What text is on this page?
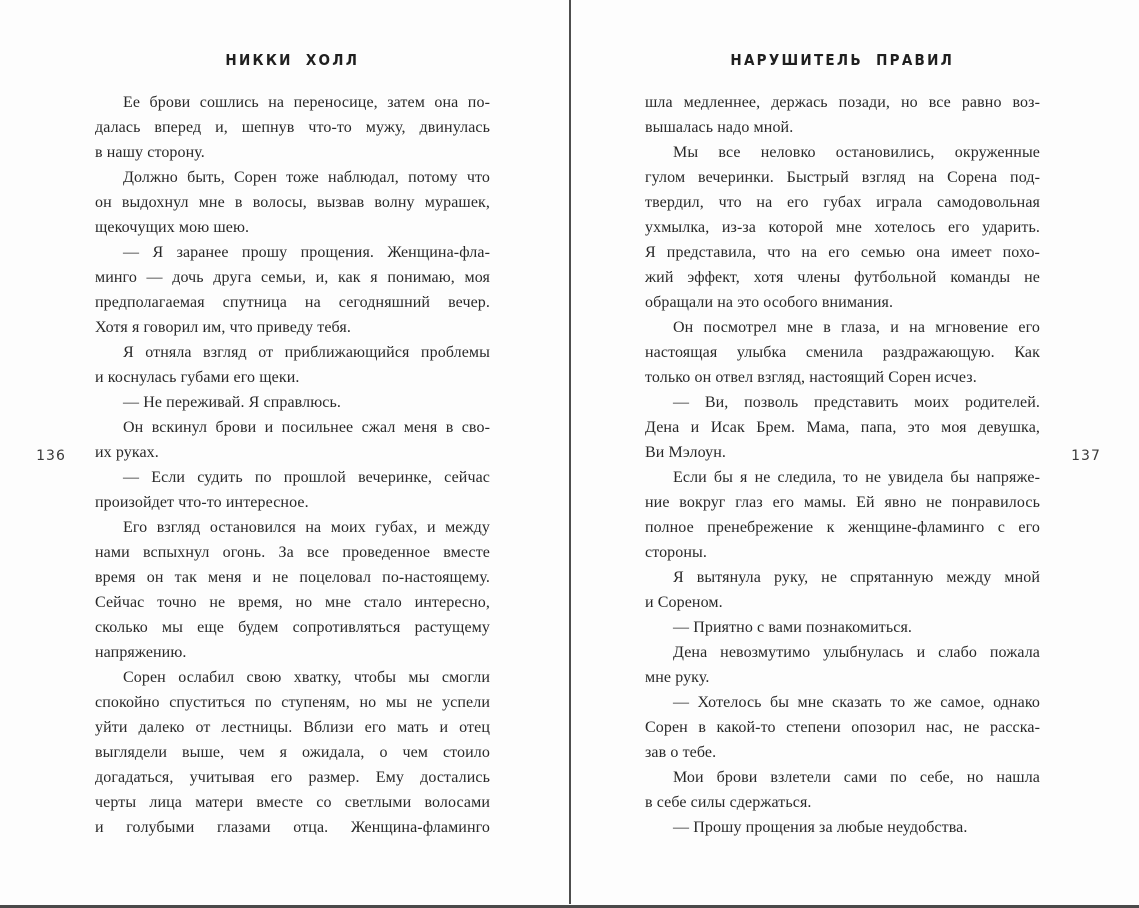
НИККИ ХОЛЛ
Ее брови сошлись на переносице, затем она по-
далась вперед и, шепнув что-то мужу, двинулась
в нашу сторону.
Должно быть, Сорен тоже наблюдал, потому что
он выдохнул мне в волосы, вызвав волну мурашек,
щекочущих мою шею.
— Я заранее прошу прощения. Женщина-фла-
минго — дочь друга семьи, и, как я понимаю, моя
предполагаемая спутница на сегодняшний вечер.
Хотя я говорил им, что приведу тебя.
Я отняла взгляд от приближающийся проблемы
и коснулась губами его щеки.
— Не переживай. Я справлюсь.
Он вскинул брови и посильнее сжал меня в сво-
их руках.
— Если судить по прошлой вечеринке, сейчас
произойдет что-то интересное.
Его взгляд остановился на моих губах, и между
нами вспыхнул огонь. За все проведенное вместе
время он так меня и не поцеловал по-настоящему.
Сейчас точно не время, но мне стало интересно,
сколько мы еще будем сопротивляться растущему
напряжению.
Сорен ослабил свою хватку, чтобы мы смогли
спокойно спуститься по ступеням, но мы не успели
уйти далеко от лестницы. Вблизи его мать и отец
выглядели выше, чем я ожидала, о чем стоило
догадаться, учитывая его размер. Ему достались
черты лица матери вместе со светлыми волосами
и голубыми глазами отца. Женщина-фламинго
НАРУШИТЕЛЬ ПРАВИЛ
шла медленнее, держась позади, но все равно воз-
вышалась надо мной.
Мы все неловко остановились, окруженные
гулом вечеринки. Быстрый взгляд на Сорена под-
твердил, что на его губах играла самодовольная
ухмылка, из-за которой мне хотелось его ударить.
Я представила, что на его семью она имеет похо-
жий эффект, хотя члены футбольной команды не
обращали на это особого внимания.
Он посмотрел мне в глаза, и на мгновение его
настоящая улыбка сменила раздражающую. Как
только он отвел взгляд, настоящий Сорен исчез.
— Ви, позволь представить моих родителей.
Дена и Исак Брем. Мама, папа, это моя девушка,
Ви Мэлоун.
Если бы я не следила, то не увидела бы напряже-
ние вокруг глаз его мамы. Ей явно не понравилось
полное пренебрежение к женщине-фламинго с его
стороны.
Я вытянула руку, не спрятанную между мной
и Сореном.
— Приятно с вами познакомиться.
Дена невозмутимо улыбнулась и слабо пожала
мне руку.
— Хотелось бы мне сказать то же самое, однако
Сорен в какой-то степени опозорил нас, не расска-
зав о тебе.
Мои брови взлетели сами по себе, но нашла
в себе силы сдержаться.
— Прошу прощения за любые неудобства.
136	137
